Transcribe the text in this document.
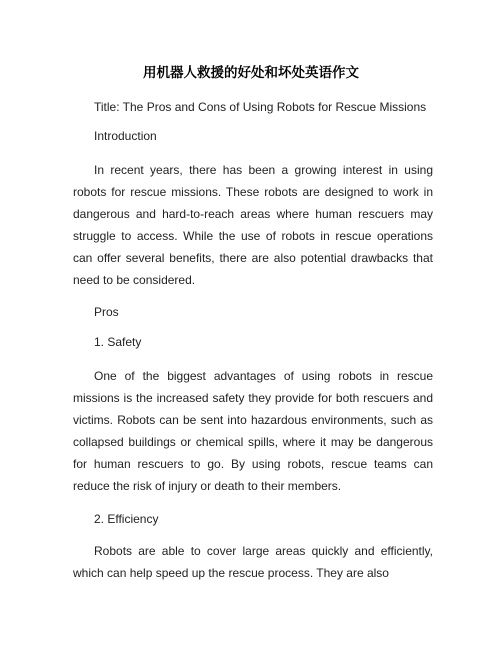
用机器人救援的好处和坏处英语作文

Title: The Pros and Cons of Using Robots for Rescue Missions

Introduction

In recent years, there has been a growing interest in using robots for rescue missions. These robots are designed to work in dangerous and hard-to-reach areas where human rescuers may struggle to access. While the use of robots in rescue operations can offer several benefits, there are also potential drawbacks that need to be considered.

Pros

1. Safety

One of the biggest advantages of using robots in rescue missions is the increased safety they provide for both rescuers and victims. Robots can be sent into hazardous environments, such as collapsed buildings or chemical spills, where it may be dangerous for human rescuers to go. By using robots, rescue teams can reduce the risk of injury or death to their members.

2. Efficiency

Robots are able to cover large areas quickly and efficiently, which can help speed up the rescue process. They are also
